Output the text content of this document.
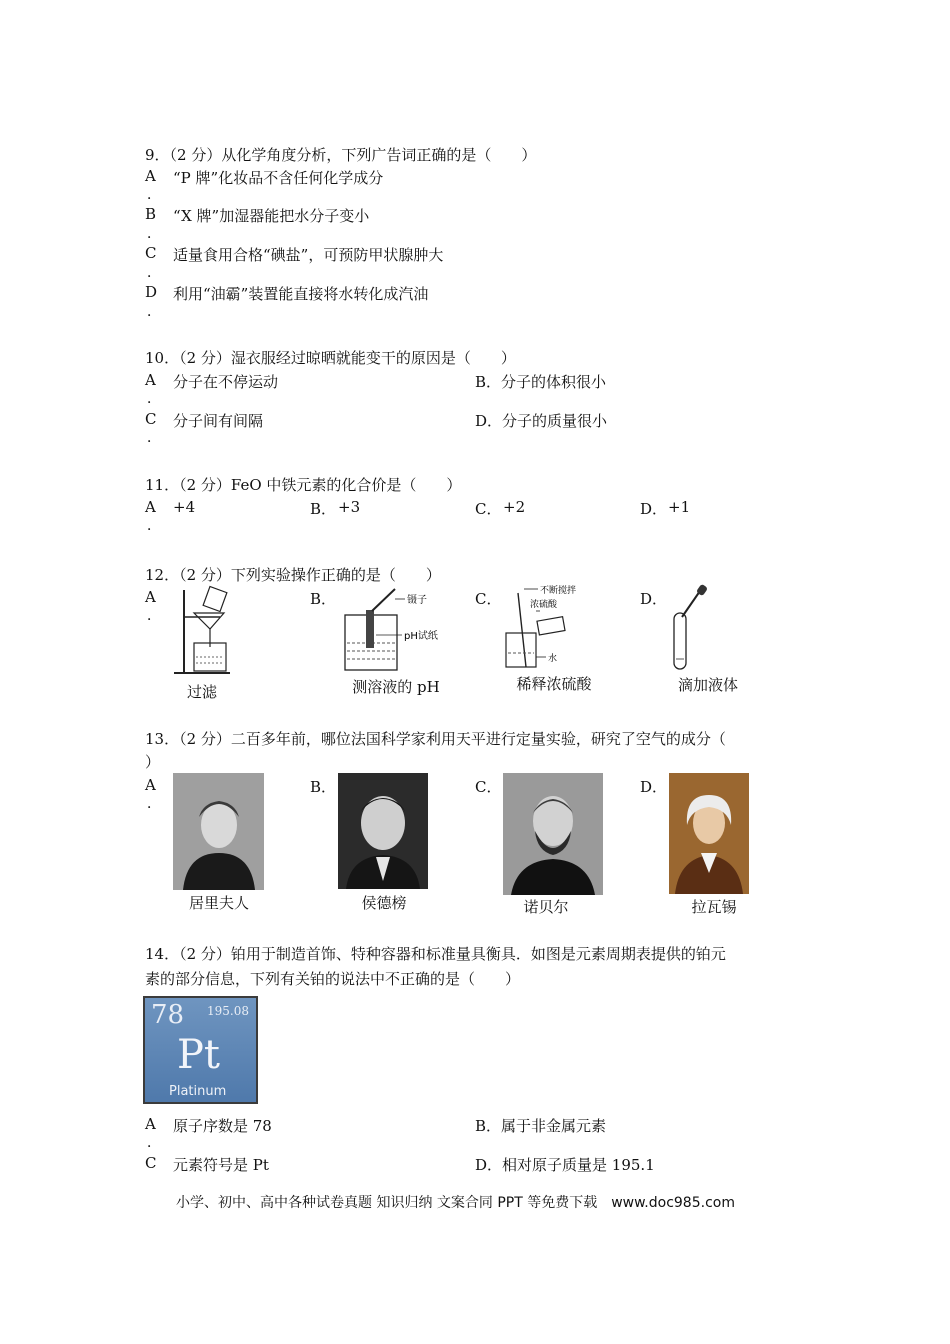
9．（2 分）从化学角度分析，下列广告词正确的是（　　）
A
．
“P 牌”化妆品不含任何化学成分
B
．
“X 牌”加湿器能把水分子变小
C
．
适量食用合格“碘盐”，可预防甲状腺肿大
D
．
利用“油霸”装置能直接将水转化成汽油
10．（2 分）湿衣服经过晾晒就能变干的原因是（　　）
A
．
分子在不停运动	B．分子的体积很小
C
．
分子间有间隔	D．分子的质量很小
11．（2 分）FeO 中铁元素的化合价是（　　）
A
．
+4	B． +3	C． +2	D． +1
12．（2 分）下列实验操作正确的是（　　）
A
．
B．	C．	D．
过滤
镊子
pH试纸
测溶液的 pH
不断搅拌
浓硫酸
水
稀释浓硫酸	滴加液体
13．（2 分）二百多年前，哪位法国科学家利用天平进行定量实验，研究了空气的成分（
）
A
．
B．	C．	D．
居里夫人	侯德榜	诺贝尔	拉瓦锡
14．（2 分）铂用于制造首饰、特种容器和标准量具衡具．如图是元素周期表提供的铂元
素的部分信息，下列有关铂的说法中不正确的是（　　）
78 195.08
Pt
Platinum
A
．
原子序数是 78	B．属于非金属元素
C 元素符号是 Pt	D．相对原子质量是 195.1
小学、初中、高中各种试卷真题 知识归纳 文案合同 PPT 等免费下载　www.doc985.com
